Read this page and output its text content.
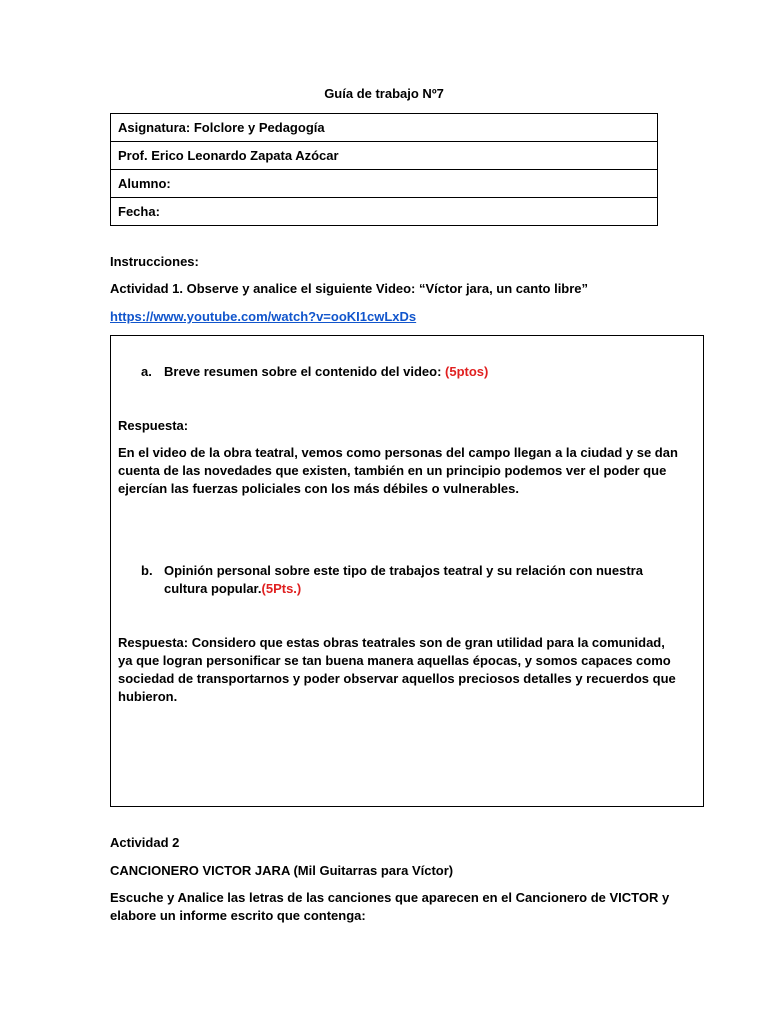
Guía de trabajo Nº7
Asignatura: Folclore y Pedagogía
Prof. Erico Leonardo Zapata Azócar
Alumno:
Fecha:
Instrucciones:
Actividad 1. Observe y analice el siguiente Video: “Víctor jara, un canto libre”
https://www.youtube.com/watch?v=ooKI1cwLxDs
a. Breve resumen sobre el contenido del video: (5ptos)
Respuesta:
En el video de la obra teatral, vemos como personas del campo llegan a la ciudad y se dan cuenta de las novedades que existen, también en un principio podemos ver el poder que ejercían las fuerzas policiales con los más débiles o vulnerables.
b. Opinión personal sobre este tipo de trabajos teatral y su relación con nuestra cultura popular.(5Pts.)
Respuesta: Considero que estas obras teatrales son de gran utilidad para la comunidad, ya que logran personificar se tan buena manera aquellas épocas, y somos capaces como sociedad de transportarnos y poder observar aquellos preciosos detalles y recuerdos que hubieron.
Actividad 2
CANCIONERO VICTOR JARA (Mil Guitarras para Víctor)
Escuche y Analice las letras de las canciones que aparecen en el Cancionero de VICTOR y elabore un informe escrito que contenga:
